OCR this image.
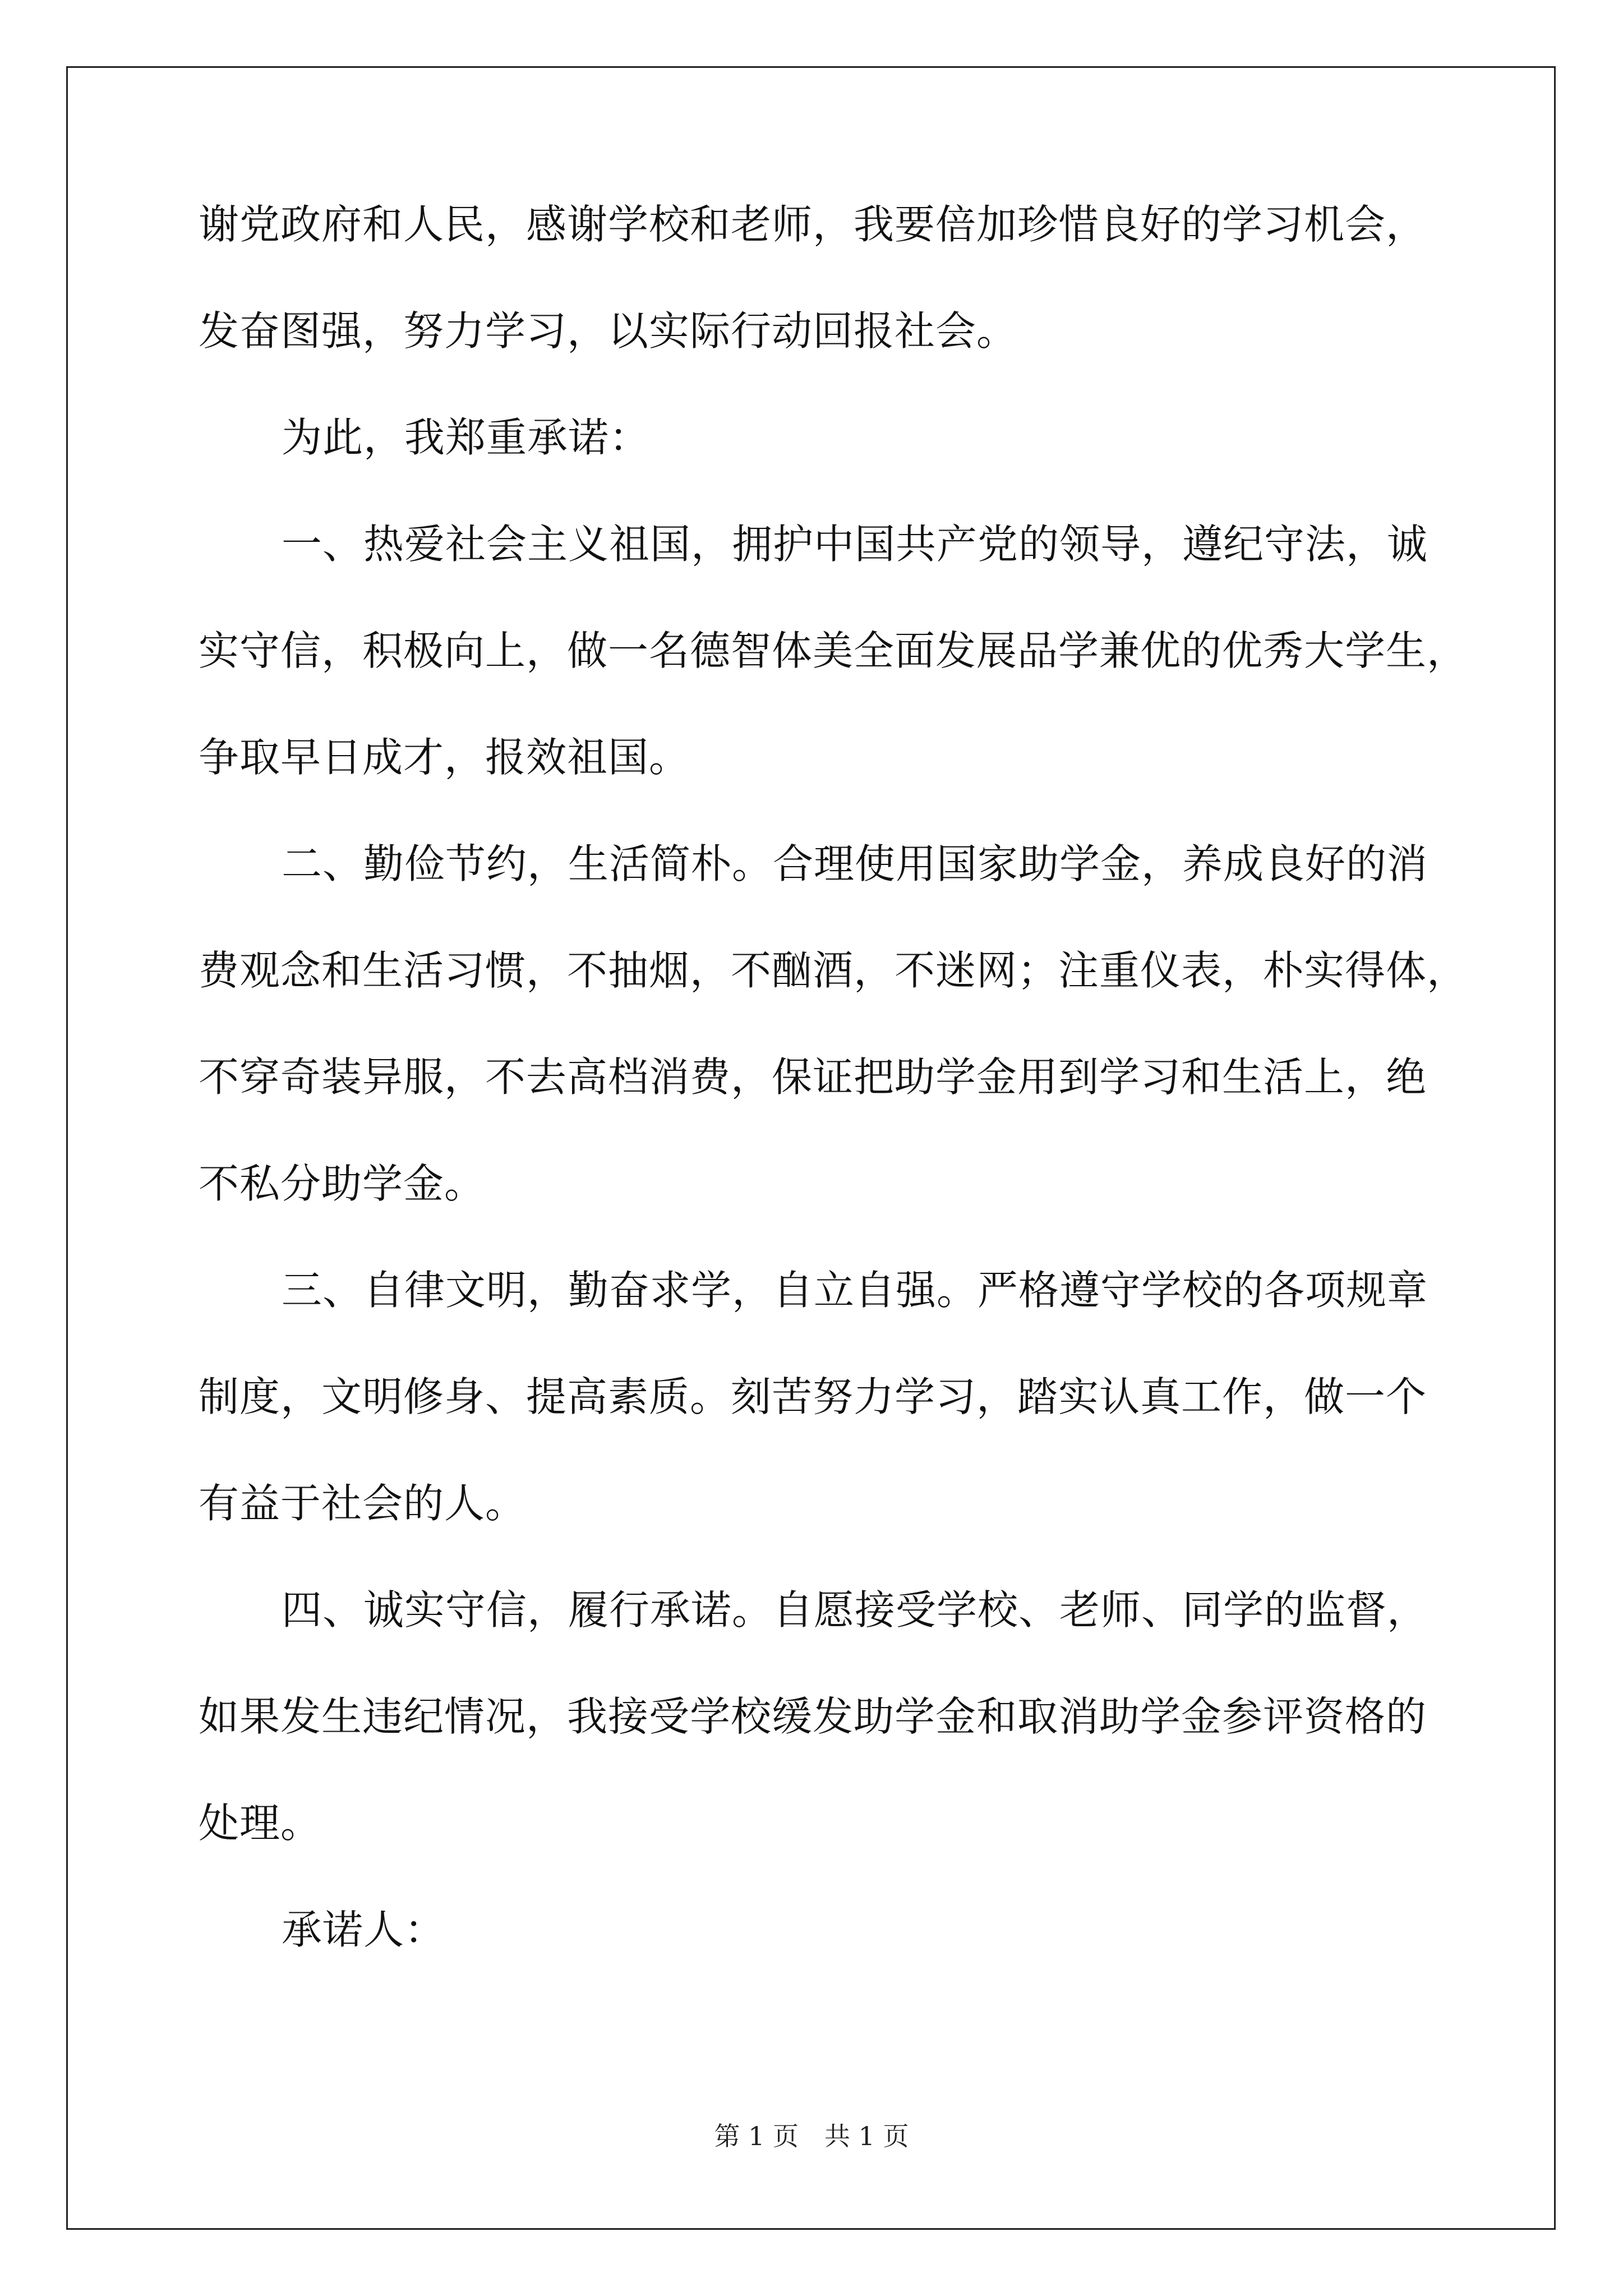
谢党政府和人民，感谢学校和老师，我要倍加珍惜良好的学习机会，
发奋图强，努力学习，以实际行动回报社会。
为此，我郑重承诺：
一、热爱社会主义祖国，拥护中国共产党的领导，遵纪守法，诚
实守信，积极向上，做一名德智体美全面发展品学兼优的优秀大学生，
争取早日成才，报效祖国。
二、勤俭节约，生活简朴。合理使用国家助学金，养成良好的消
费观念和生活习惯，不抽烟，不酗酒，不迷网；注重仪表，朴实得体，
不穿奇装异服，不去高档消费，保证把助学金用到学习和生活上，绝
不私分助学金。
三、自律文明，勤奋求学，自立自强。严格遵守学校的各项规章
制度，文明修身、提高素质。刻苦努力学习，踏实认真工作，做一个
有益于社会的人。
四、诚实守信，履行承诺。自愿接受学校、老师、同学的监督，
如果发生违纪情况，我接受学校缓发助学金和取消助学金参评资格的
处理。
承诺人：
第 1 页　共 1 页
